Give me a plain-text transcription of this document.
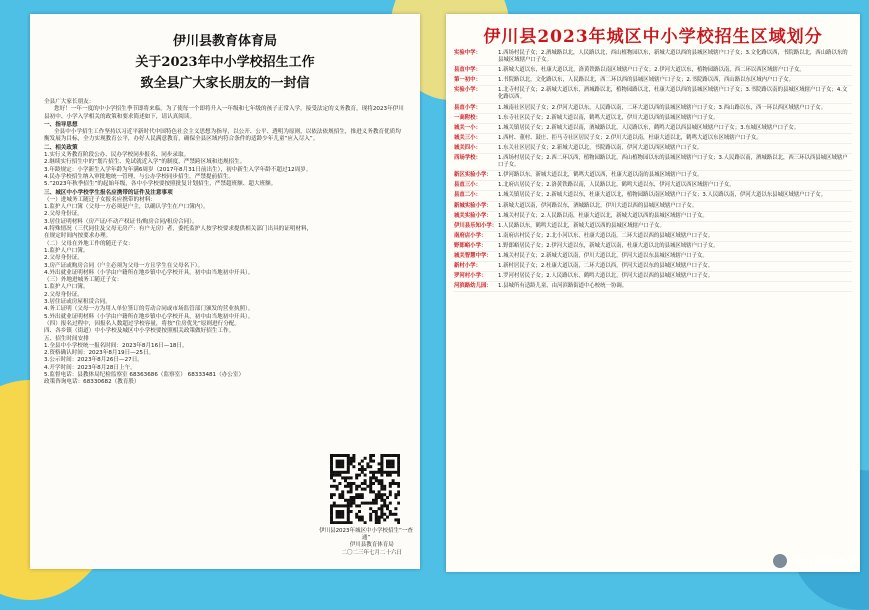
伊川县教育体育局
关于2023年中小学校招生工作
致全县广大家长朋友的一封信

全县广大家长朋友：

您好！一年一度的中小学招生季节即将来临。为了使每一个即将升入一年级和七年级的孩子正常入学，接受法定的义务教育，现将2023年伊川县初中、小学入学相关的政策和要求简述如下，请认真阅读。

一、指导思想

全县中小学招生工作坚持以习近平新时代中国特色社会主义思想为指导，以公开、公平、透明为原则，以依法依规招生，推进义务教育优质均衡发展为目标，全力实现教育公平，办好人民满意教育，确保全县区域内符合条件的适龄少年儿童“应入尽入”。

二、相关政策

1.实行义务教育阶段公办、民办学校同步报名、同步录取。

2.继续实行招生中的“划片招生、免试就近入学”的制度，严禁跨区域和违规招生。

3.年龄规定：小学新生入学年龄为年满6周岁（2017年8月31日前出生），初中新生入学年龄不超过12周岁。

4.民办学校招生纳入审批地统一管理，与公办学校同步招生，严禁提前招生。

5.“2023年秋季招生”的起始年级，各中小学校要按照批复计划招生，严禁超班额、超大班额。

三、城区中小学校学生报名应携带的证件及注意事项

（一）进城务工随迁子女报名应携带的材料：

1.监护人户口簿（父母一方必须是户主，以确认学生在户口簿内）。

2.父母身份证。

3.居住证明材料（房产证/不动产权证书/购房合同/租房合同）。

4.特殊情况（三代同住及父母无房产：有户无房）者，委托监护人按学校要求提供相关部门出具的证明材料，在规定时间内按要求办理。

（二）父母在外地工作的随迁子女：

1.监护人户口簿。

2.父母身份证。

3.房产证或购房合同（户主必须为父母一方且学生在父母名下）。

4.外出就业证明材料（小学由户籍所在地乡镇中心学校开具，初中由当地初中开具）。

（三）外地进城务工随迁子女：

1.监护人户口簿。

2.父母身份证。

3.居住证或房屋租赁合同。

4.务工证明（父母一方为用人单位签订的劳动合同或市场监管部门颁发的营业执照）。

5.外出就业证明材料（小学由户籍所在地乡镇中心学校开具，初中由当地初中开具）。

（四）报名过程中，因报名人数超过学校容量，将按“住房优先”原则进行分配。

四、各乡镇（街道）中小学校及城区中小学校要按照相关政策做好招生工作。

五、招生时间安排

1.全县中小学校统一报名时间：2023年8月16日—18日。

2.资格确认时间：2023年8月19日—25日。

3.公示时间：2023年8月26日—27日。

4.开学时间：2023年8月28日上午。

5.监督电话：县教体局纪检监察室 68363686（监察室） 68333481（办公室）

政策咨询电话：68330682（教育股）

伊川县2023年城区中小学校招生“一查通”
伊川县教育体育局
二〇二三年七月二十六日
伊川县2023年城区中小学校招生区域划分
实验中学：	1.西场村民子女；2.酒城路以北，人民路以北，西山植物园以东，新城大道以西的县城区域辖户口子女；3.文化路以西，书院路以北，西山路以东的县城区域辖户口子女。
县直中学：	1.新城大道以东，杜康大道以北，洛黄铁路以南区域辖户口子女；2.伊河大道以东，植物园路以南，西二环以西区域辖户口子女。
第一初中：	1.书院路以北，文化路以东，人民路以北，西二环以西的县城区域辖户口子女；2.书院路以西，西山路以东区域内户口子女。
实验小学：	1.北寺村民子女；2.新城大道以东，酒城路以北，植物园路以北，杜康大道以西的县城区域辖户口子女；3.书院路以南的县城区域辖户口子女；4.文化路以西。
县直小学：	1.城南社区居民子女；2.伊河大道以东，人民路以南，二环大道以西的县城区域辖户口子女；3.西山路以东，西一环以西区域辖户口子女。
一高附校：	1.东寺社区民子女；2.新城大道以南，鹤鸣大道以北，伊川大道以西的县城区域辖户口子女。
城关一小：	1.城关镇居民子女；2.新城大道以南，酒城路以北，人民路以东，鹤鸣大道以西县城区域辖户口子女；3.东城区域辖户口子女。
城关三小：	1.西村、董村、鼓庄、拒马寺社区居民子女；2.伊川大道以南，杜康大道以北，鹤鸣大道以东区域辖户口子女。
城关四小：	1.东关社区居民子女；2.新城大道以北，书院路以南，伊河大道以西区域辖户口子女。
西场学校：	1.西场村居民子女；2.西二环以西，植物园路以北，西山植物园以东的县城区域辖户口子女；3.人民路以南，酒城路以北，西三环以西县城区域辖户口子女。
新区实验小学：	1.伊河路以东，新城大道以北，鹤鸣大道以西，杜康大道以南的县城区域辖户口子女。
县直三小：	1.北府店居民子女；2.洛黄铁路以南，人民路以北，鹤鸣大道以东，伊河大道以西区域辖户口子女。
县直二小：	1.城关镇居民子女；2.新城大道以东，杜康大道以北，植物园路以南区域辖户口子女；3.人民路以南，伊河大道以东县城区域辖户口子女。
新城实验小学：	1.新城大道以南，伊河路以东，酒城路以北，伊川大道以西的县城区域辖户口子女。
城关实验小学：	1.城关村民子女；2.人民路以南，杜康大道以北，新城大道以西的县城区域辖户口子女。
伊川县乐知小学： 1.人民路以东，鹤鸣大道以北，新城大道以西的县城区域辖户口子女。
南府店小学：	1.南府店村民子女；2.北小河以东，杜康大道以南，二环大道以西的县城区域辖户口子女。
野郎峪小学：	1.野郎峪居民子女；2.伊河大道以东，新城大道以南，杜康大道以北的县城区域辖户口子女。
城关智慧中学：	1.城关村民子女；2.新城大道以南，伊川大道以北，伊河大道以东县城区域辖户口子女。
新村小学：	1.新村居民子女；2.杜康大道以南，二环大道以西，伊河大道以东的县城区域辖户口子女。
罗河村小学：	1.罗河村居民子女；2.人民路以东，鹤鸣大道以北，伊河大道以西的县城区域辖户口子女。
河滨路幼儿园：	1.县城所有适龄儿童，由河滨路街道中心校统一协调。
伊川县教体局
